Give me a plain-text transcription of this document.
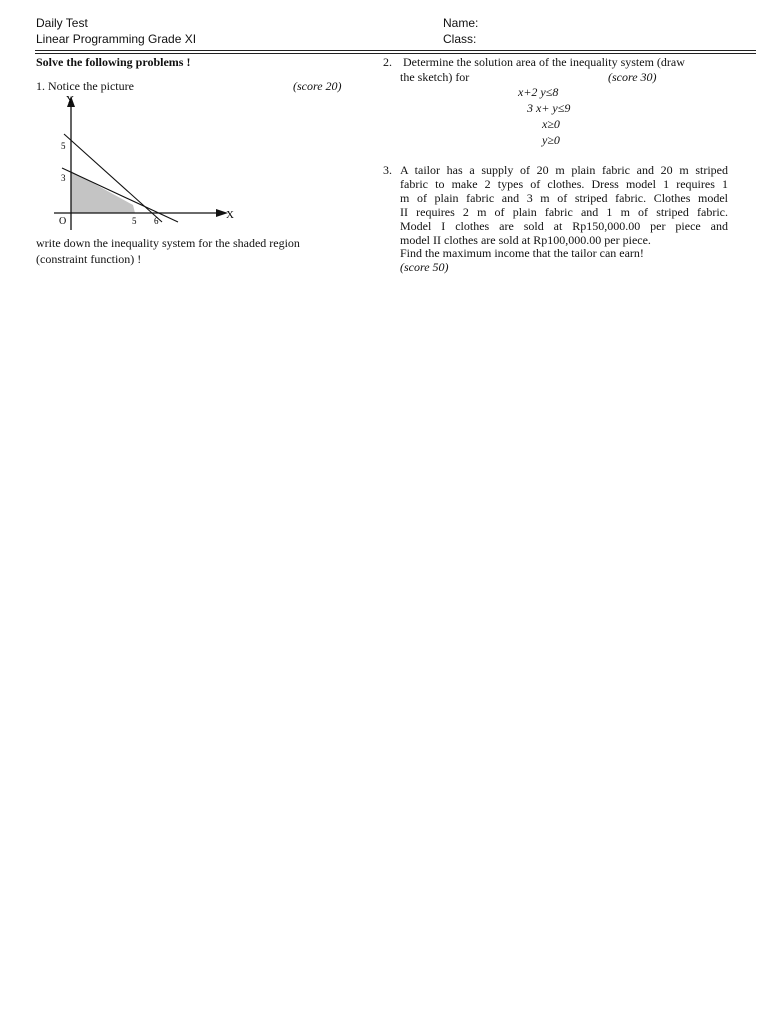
Daily Test
Linear Programming Grade XI
Name:
Class:
Solve the following problems !
1. Notice the picture	(score 20)
Y
X
O
5
3
5 6
write down the inequality system for the shaded region
(constraint function) !
2. Determine the solution area of the inequality system (draw
the sketch) for	(score 30)
x+2 y≤8
3 x+ y≤9
x≥0
y≥0
3. A tailor has a supply of 20 m plain fabric and 20 m striped
fabric to make 2 types of clothes. Dress model 1 requires 1
m of plain fabric and 3 m of striped fabric. Clothes model
II requires 2 m of plain fabric and 1 m of striped fabric.
Model I clothes are sold at Rp150,000.00 per piece and
model II clothes are sold at Rp100,000.00 per piece.
Find the maximum income that the tailor can earn!
(score 50)
